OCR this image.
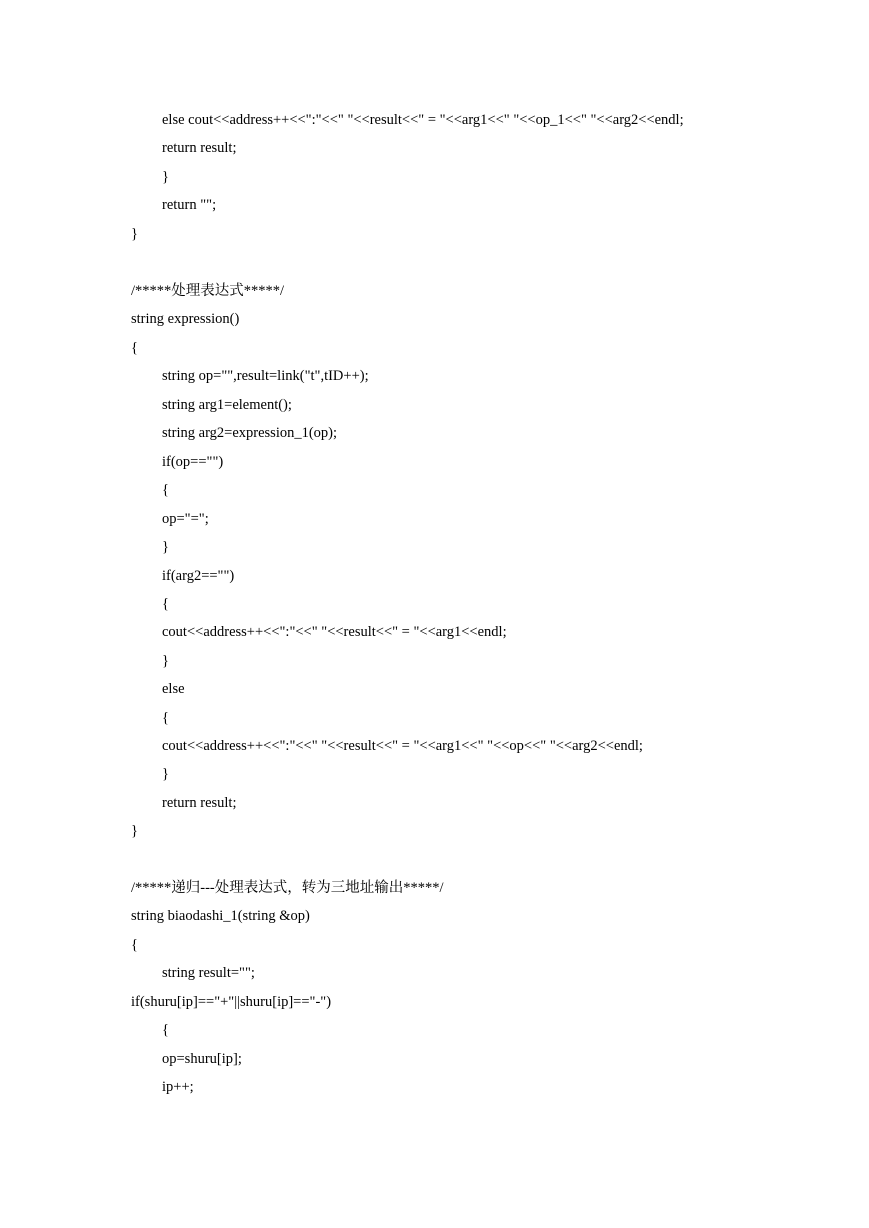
else cout<<address++<<":"<<" "<<result<<" = "<<arg1<<" "<<op_1<<" "<<arg2<<endl;
return result;
}
return "";
}
/*****处理表达式*****/
string expression()
{
string op="",result=link("t",tID++);
string arg1=element();
string arg2=expression_1(op);
if(op=="")
{
op="=";
}
if(arg2=="")
{
cout<<address++<<":"<<" "<<result<<" = "<<arg1<<endl;
}
else
{
cout<<address++<<":"<<" "<<result<<" = "<<arg1<<" "<<op<<" "<<arg2<<endl;
}
return result;
}
/*****递归---处理表达式，转为三地址输出*****/
string biaodashi_1(string &op)
{
string result="";
if(shuru[ip]=="+"||shuru[ip]=="-")
{
op=shuru[ip];
ip++;
